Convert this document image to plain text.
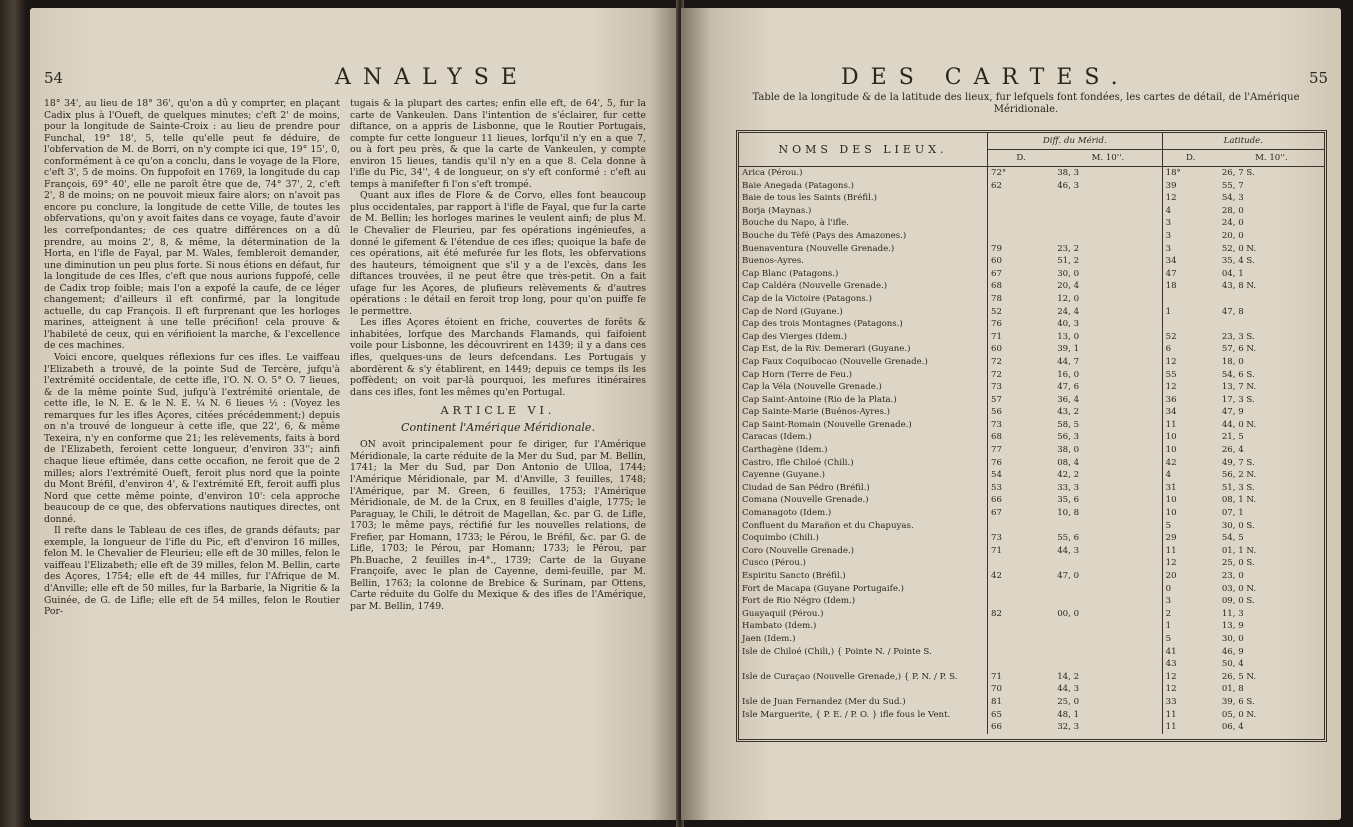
54	ANALYSE

18° 34', au lieu de 18° 36', qu'on a dû y comprter, en plaçant Cadix plus à l'Oueft, de quelques minutes; c'eft 2' de moins, pour la longitude de Sainte-Croix : au lieu de prendre pour Funchal, 19° 18', 5, telle qu'elle peut fe déduire, de l'obfervation de M. de Borri, on n'y compte ici que, 19° 15', 0, conformément à ce qu'on a conclu, dans le voyage de la Flore, c'eft 3', 5 de moins. On fuppofoit en 1769, la longitude du cap François, 69° 40', elle ne paroît être que de, 74° 37', 2, c'eft 2', 8 de moins; on ne pouvoit mieux faire alors; on n'avoit pas encore pu conclure, la longitude de cette Ville, de toutes les obfervations, qu'on y avoit faites dans ce voyage, faute d'avoir les correfpondantes; de ces quatre différences on a dû prendre, au moins 2', 8, & même, la détermination de la Horta, en l'ifle de Fayal, par M. Wales, fembleroit demander, une diminution un peu plus forte. Si nous étions en défaut, fur la longitude de ces Ifles, c'eft que nous aurions fuppofé, celle de Cadix trop foible; mais l'on a expofé la caufe, de ce léger changement; d'ailleurs il eft confirmé, par la longitude actuelle, du cap François. Il eft furprenant que les horloges marines, atteignent à une telle précifion! cela prouve & l'habileté de ceux, qui en vérifioient la marche, & l'excellence de ces machines.

Voici encore, quelques réflexions fur ces ifles. Le vaiffeau l'Elizabeth a trouvé, de la pointe Sud de Tercère, jufqu'à l'extrémité occidentale, de cette ifle, l'O. N. O. 5° O. 7 lieues, & de la même pointe Sud, jufqu'à l'extrémité orientale, de cette ifle, le N. E. & le N. E. ¼ N. 6 lieues ½ : (Voyez les remarques fur les ifles Açores, citées précédemment;) depuis on n'a trouvé de longueur à cette ifle, que 22', 6, & même Texeira, n'y en conforme que 21; les relèvements, faits à bord de l'Elizabeth, feroient cette longueur, d'environ 33''; ainfi chaque lieue eftimée, dans cette occafion, ne feroit que de 2 milles; alors l'extrémité Oueft, feroit plus nord que la pointe du Mont Bréfil, d'environ 4', & l'extrémité Eft, feroit auffi plus Nord que cette même pointe, d'environ 10': cela approche beaucoup de ce que, des obfervations nautiques directes, ont donné.

Il refte dans le Tableau de ces ifles, de grands défauts; par exemple, la longueur de l'ifle du Pic, eft d'environ 16 milles, felon M. le Chevalier de Fleurieu; elle eft de 30 milles, felon le vaiffeau l'Elizabeth; elle eft de 39 milles, felon M. Bellin, carte des Açores, 1754; elle eft de 44 milles, fur l'Afrique de M. d'Anville; elle eft de 50 milles, fur la Barbarie, la Nigritie & la Guinée, de G. de Lifle; elle eft de 54 milles, felon le Routier Por-

tugais & la plupart des cartes; enfin elle eft, de 64', 5, fur la carte de Vankeulen. Dans l'intention de s'éclairer, fur cette diftance, on a appris de Lisbonne, que le Routier Portugais, compte fur cette longueur 11 lieues, lorfqu'il n'y en a que 7, ou à fort peu près, & que la carte de Vankeulen, y compte environ 15 lieues, tandis qu'il n'y en a que 8. Cela donne à l'ifle du Pic, 34'', 4 de longueur, on s'y eft conformé : c'eft au temps à manifefter fi l'on s'eft trompé.

Quant aux ifles de Flore & de Corvo, elles font beaucoup plus occidentales, par rapport à l'ifle de Fayal, que fur la carte de M. Bellin; les horloges marines le veulent ainfi; de plus M. le Chevalier de Fleurieu, par fes opérations ingénieufes, a donné le gifement & l'étendue de ces ifles; quoique la bafe de ces opérations, ait été mefurée fur les flots, les obfervations des hauteurs, témoignent que s'il y a de l'excès, dans les diftances trouvées, il ne peut être que très-petit. On a fait ufage fur les Açores, de plufieurs relèvements & d'autres opérations : le détail en feroit trop long, pour qu'on puiffe fe le permettre.

Les ifles Açores étoient en friche, couvertes de forêts & inhabitées, lorfque des Marchands Flamands, qui faifoient voile pour Lisbonne, les découvrirent en 1439; il y a dans ces ifles, quelques-uns de leurs defcendans. Les Portugais y abordèrent & s'y établirent, en 1449; depuis ce temps ils les poffèdent; on voit par-là pourquoi, les mefures itinéraires dans ces ifles, font les mêmes qu'en Portugal.

ARTICLE VI.
Continent l'Amérique Méridionale.

ON avoit principalement pour fe diriger, fur l'Amérique Méridionale, la carte réduite de la Mer du Sud, par M. Bellin, 1741; la Mer du Sud, par Don Antonio de Ulloa, 1744; l'Amérique Méridionale, par M. d'Anville, 3 feuilles, 1748; l'Amérique, par M. Green, 6 feuilles, 1753; l'Amérique Méridionale, de M. de la Crux, en 8 feuilles d'aigle, 1775; le Paraguay, le Chili, le détroit de Magellan, &c. par G. de Lifle, 1703; le même pays, réctifié fur les nouvelles relations, de Frefier, par Homann, 1733; le Pérou, le Bréfil, &c. par G. de Lifle, 1703; le Pérou, par Homann; 1733; le Pérou, par Ph.Buache, 2 feuilles in-4°., 1739; Carte de la Guyane Françoife, avec le plan de Cayenne, demi-feuille, par M. Bellin, 1763; la colonne de Brebice & Surinam, par Ottens, Carte réduite du Golfe du Mexique & des ifles de l'Amérique, par M. Bellin, 1749.

DES CARTES.	55
Table de la longitude & de la latitude des lieux, fur lefquels font fondées, les cartes de détail, de l'Amérique Méridionale.
NOMS DES LIEUX.	Diff. du Mérid.		Latitude.	
	D.	M. 10''.	D.	M. 10''.
Arica (Pérou.)	72°	38, 3	18°	26, 7 S.
Baie Anegada (Patagons.)	62	46, 3	39	55, 7
Baie de tous les Saints (Bréfil.)			12	54, 3
Borja (Maynas.)			4	28, 0
Bouche du Napo, à l'ifle.			3	24, 0
Bouche du Tèfé (Pays des Amazones.)			3	20, 0
Buenaventura (Nouvelle Grenade.)	79	23, 2	3	52, 0 N.
Buenos-Ayres.	60	51, 2	34	35, 4 S.
Cap Blanc (Patagons.)	67	30, 0	47	04, 1
Cap Caldéra (Nouvelle Grenade.)	68	20, 4	18	43, 8 N.
Cap de la Victoire (Patagons.)	78	12, 0		
Cap de Nord (Guyane.)	52	24, 4	1	47, 8
Cap des trois Montagnes (Patagons.)	76	40, 3		
Cap des Vierges (Idem.)	71	13, 0	52	23, 3 S.
Cap Est, de la Riv. Demerari (Guyane.)	60	39, 1	6	57, 6 N.
Cap Faux Coquibocao (Nouvelle Grenade.)	72	44, 7	12	18, 0
Cap Horn (Terre de Feu.)	72	16, 0	55	54, 6 S.
Cap la Véla (Nouvelle Grenade.)	73	47, 6	12	13, 7 N.
Cap Saint-Antoine (Rio de la Plata.)	57	36, 4	36	17, 3 S.
Cap Sainte-Marie (Buénos-Ayres.)	56	43, 2	34	47, 9
Cap Saint-Romain (Nouvelle Grenade.)	73	58, 5	11	44, 0 N.
Caracas (Idem.)	68	56, 3	10	21, 5
Carthagène (Idem.)	77	38, 0	10	26, 4
Castro, Ifle Chiloé (Chili.)	76	08, 4	42	49, 7 S.
Cayenne (Guyane.)	54	42, 2	4	56, 2 N.
Ciudad de San Pédro (Bréfil.)	53	33, 3	31	51, 3 S.
Comana (Nouvelle Grenade.)	66	35, 6	10	08, 1 N.
Comanagoto (Idem.)	67	10, 8	10	07, 1
Confluent du Marañon et du Chapuyas.			5	30, 0 S.
Coquimbo (Chili.)	73	55, 6	29	54, 5
Coro (Nouvelle Grenade.)	71	44, 3	11	01, 1 N.
Cusco (Pérou.)			12	25, 0 S.
Espiritu Sancto (Bréfil.)	42	47, 0	20	23, 0
Fort de Macapa (Guyane Portugaife.)			0	03, 0 N.
Fort de Rio Négro (Idem.)			3	09, 0 S.
Guayaquil (Pérou.)	82	00, 0	2	11, 3
Hambato (Idem.)			1	13, 9
Jaen (Idem.)			5	30, 0
Isle de Chiloé (Chili,) { Pointe N. / Pointe S.			41	46, 9
			43	50, 4
Isle de Curaçao (Nouvelle Grenade,) { P. N. / P. S.	71	14, 2	12	26, 5 N.
	70	44, 3	12	01, 8
Isle de Juan Fernandez (Mer du Sud.)	81	25, 0	33	39, 6 S.
Isle Marguerite, { P. E. / P. O. } ifle fous le Vent.	65	48, 1	11	05, 0 N.
	66	32, 3	11	06, 4
